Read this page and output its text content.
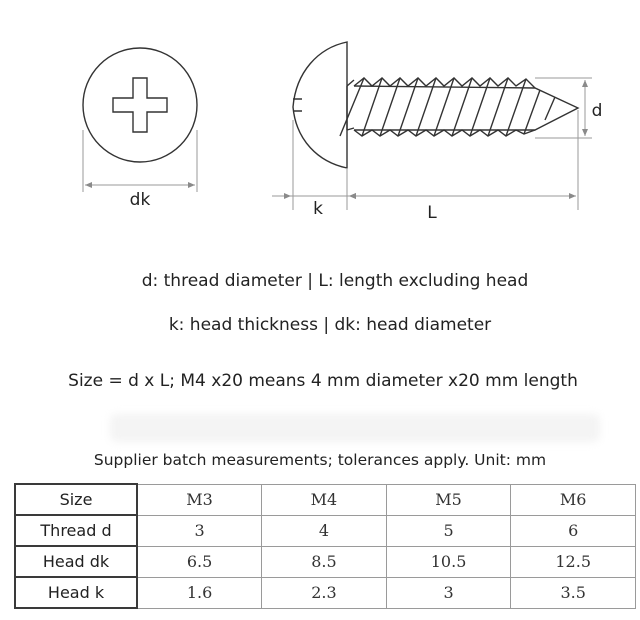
dk	k	L
d
d: thread diameter | L: length excluding head
k: head thickness | dk: head diameter
Size = d x L; M4 x20 means 4 mm diameter x20 mm length
Supplier batch measurements; tolerances apply. Unit: mm
Size	M3	M4	M5	M6
Thread d	3	4	5	6
Head dk	6.5	8.5	10.5	12.5
Head k	1.6	2.3	3	3.5
